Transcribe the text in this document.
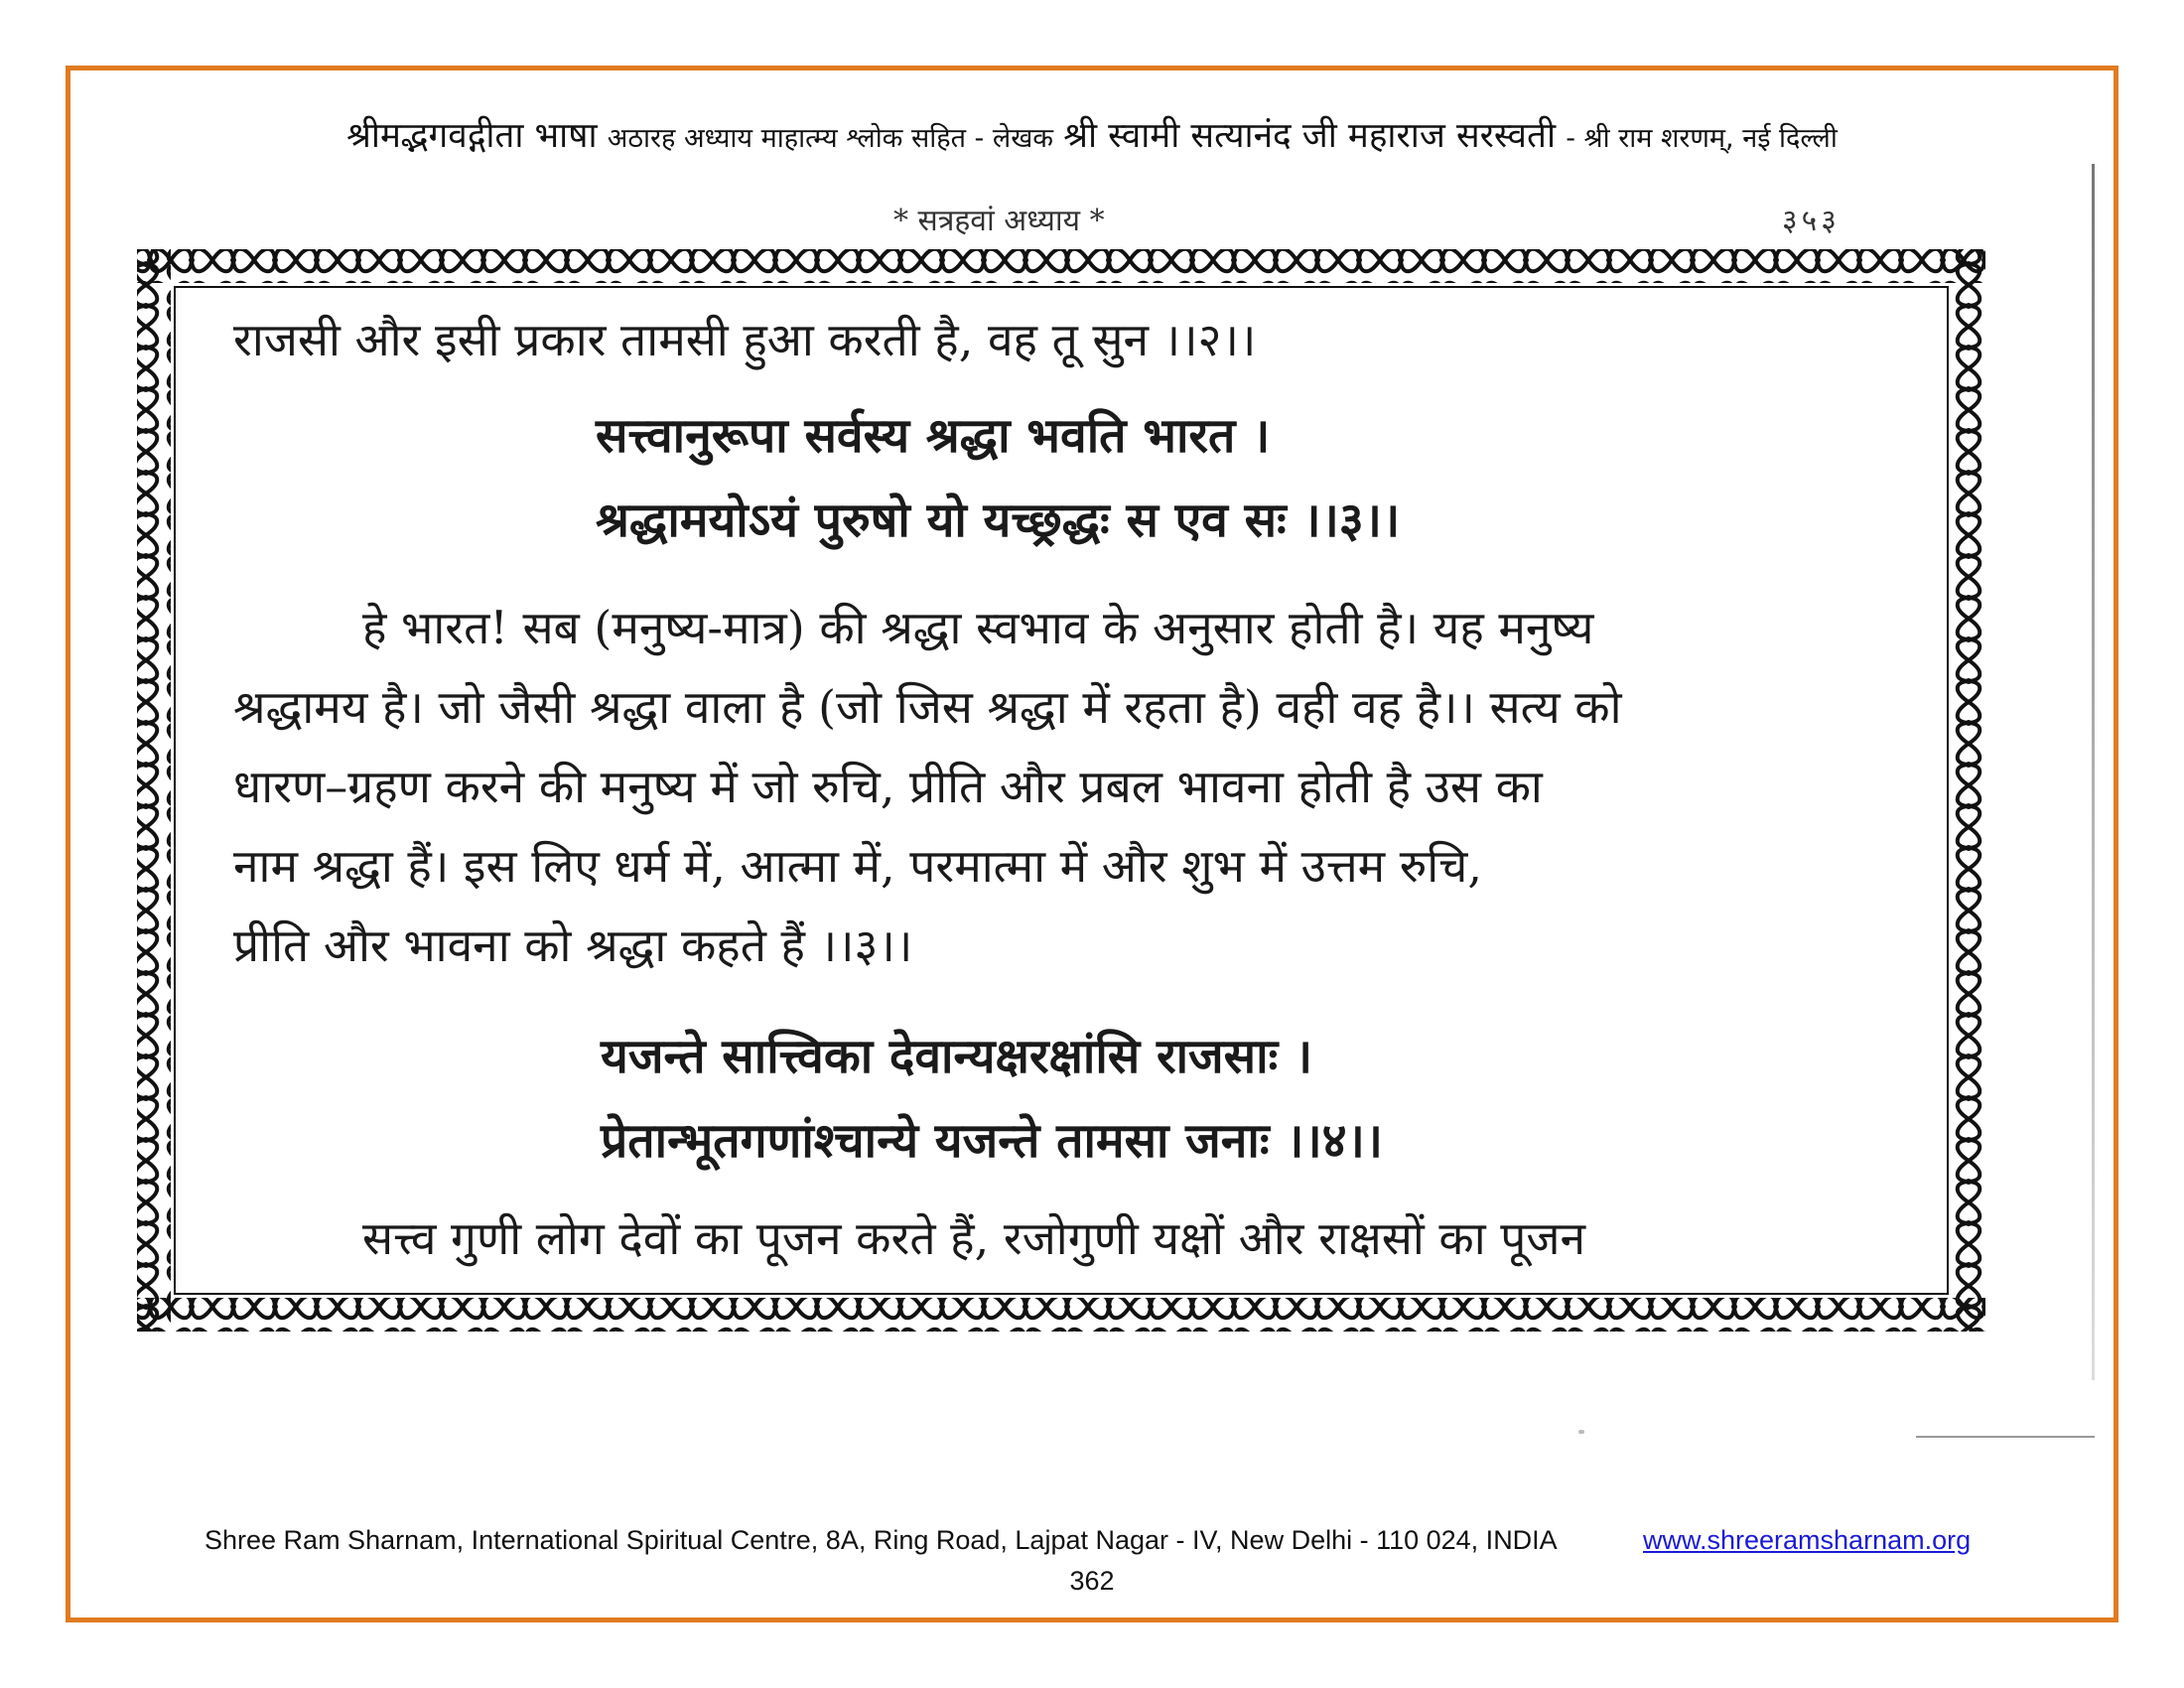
श्रीमद्भगवद्गीता भाषा अठारह अध्याय माहात्म्य श्लोक सहित - लेखक श्री स्वामी सत्यानंद जी महाराज सरस्वती - श्री राम शरणम्, नई दिल्ली
* सत्रहवां अध्याय *	३५३
राजसी और इसी प्रकार तामसी हुआ करती है, वह तू सुन ।।२।।
सत्त्वानुरूपा सर्वस्य श्रद्धा भवति भारत ।
श्रद्धामयोऽयं पुरुषो यो यच्छ्रद्धः स एव सः ।।३।।
हे भारत! सब (मनुष्य-मात्र) की श्रद्धा स्वभाव के अनुसार होती है। यह मनुष्य
श्रद्धामय है। जो जैसी श्रद्धा वाला है (जो जिस श्रद्धा में रहता है) वही वह है।। सत्य को
धारण–ग्रहण करने की मनुष्य में जो रुचि, प्रीति और प्रबल भावना होती है उस का
नाम श्रद्धा हैं। इस लिए धर्म में, आत्मा में, परमात्मा में और शुभ में उत्तम रुचि,
प्रीति और भावना को श्रद्धा कहते हैं ।।३।।
यजन्ते सात्त्विका देवान्यक्षरक्षांसि राजसाः ।
प्रेतान्भूतगणांश्चान्ये यजन्ते तामसा जनाः ।।४।।
सत्त्व गुणी लोग देवों का पूजन करते हैं, रजोगुणी यक्षों और राक्षसों का पूजन
Shree Ram Sharnam, International Spiritual Centre, 8A, Ring Road, Lajpat Nagar - IV, New Delhi - 110 024, INDIA	www.shreeramsharnam.org
362
